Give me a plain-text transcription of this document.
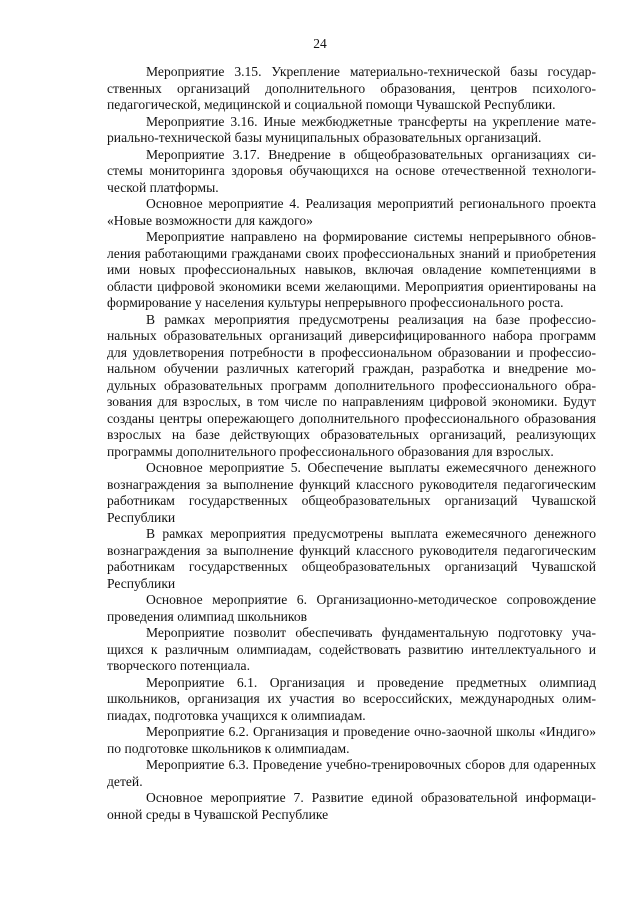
24

Мероприятие 3.15. Укрепление материально-технической базы государственных организаций дополнительного образования, центров психолого-педагогической, медицинской и социальной помощи Чувашской Республики.

Мероприятие 3.16. Иные межбюджетные трансферты на укрепление материально-технической базы муниципальных образовательных организаций.

Мероприятие 3.17. Внедрение в общеобразовательных организациях системы мониторинга здоровья обучающихся на основе отечественной технологической платформы.

Основное мероприятие 4. Реализация мероприятий регионального проекта «Новые возможности для каждого»

Мероприятие направлено на формирование системы непрерывного обновления работающими гражданами своих профессиональных знаний и приобретения ими новых профессиональных навыков, включая овладение компетенциями в области цифровой экономики всеми желающими. Мероприятия ориентированы на формирование у населения культуры непрерывного профессионального роста.

В рамках мероприятия предусмотрены реализация на базе профессиональных образовательных организаций диверсифицированного набора программ для удовлетворения потребности в профессиональном образовании и профессиональном обучении различных категорий граждан, разработка и внедрение модульных образовательных программ дополнительного профессионального образования для взрослых, в том числе по направлениям цифровой экономики. Будут созданы центры опережающего дополнительного профессионального образования взрослых на базе действующих образовательных организаций, реализующих программы дополнительного профессионального образования для взрослых.

Основное мероприятие 5. Обеспечение выплаты ежемесячного денежного вознаграждения за выполнение функций классного руководителя педагогическим работникам государственных общеобразовательных организаций Чувашской Республики

В рамках мероприятия предусмотрены выплата ежемесячного денежного вознаграждения за выполнение функций классного руководителя педагогическим работникам государственных общеобразовательных организаций Чувашской Республики

Основное мероприятие 6. Организационно-методическое сопровождение проведения олимпиад школьников

Мероприятие позволит обеспечивать фундаментальную подготовку учащихся к различным олимпиадам, содействовать развитию интеллектуального и творческого потенциала.

Мероприятие 6.1. Организация и проведение предметных олимпиад школьников, организация их участия во всероссийских, международных олимпиадах, подготовка учащихся к олимпиадам.

Мероприятие 6.2. Организация и проведение очно-заочной школы «Индиго» по подготовке школьников к олимпиадам.

Мероприятие 6.3. Проведение учебно-тренировочных сборов для одаренных детей.

Основное мероприятие 7. Развитие единой образовательной информационной среды в Чувашской Республике
